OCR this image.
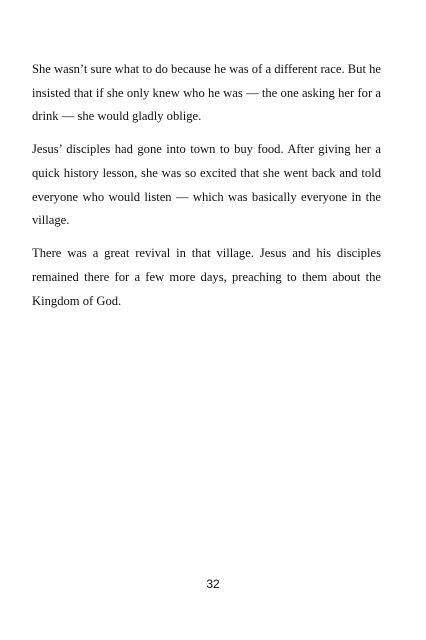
She wasn’t sure what to do because he was of a different race. But he insisted that if she only knew who he was — the one asking her for a drink — she would gladly oblige.

Jesus’ disciples had gone into town to buy food. After giving her a quick history lesson, she was so excited that she went back and told everyone who would listen — which was basically everyone in the village.

There was a great revival in that village. Jesus and his disciples remained there for a few more days, preaching to them about the Kingdom of God.

32
